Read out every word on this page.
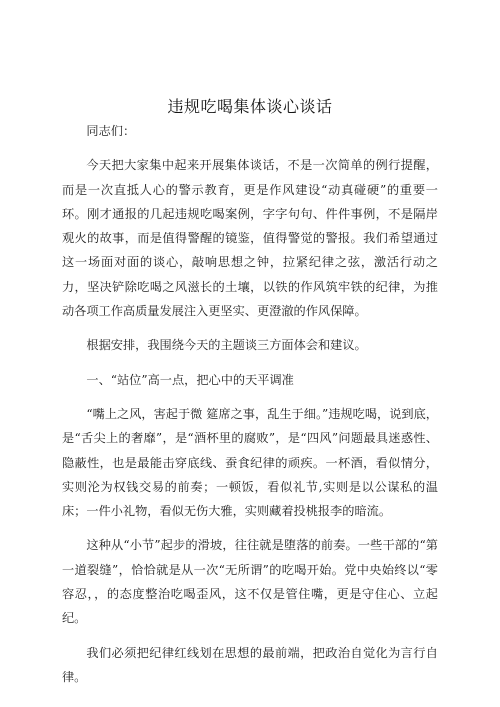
违规吃喝集体谈心谈话

同志们：

今天把大家集中起来开展集体谈话，不是一次简单的例行提醒，而是一次直抵人心的警示教育，更是作风建设“动真碰硬”的重要一环。刚才通报的几起违规吃喝案例，字字句句、件件事例，不是隔岸观火的故事，而是值得警醒的镜鉴，值得警觉的警报。我们希望通过这一场面对面的谈心，敲响思想之钟，拉紧纪律之弦，激活行动之力，坚决铲除吃喝之风滋长的土壤，以铁的作风筑牢铁的纪律，为推动各项工作高质量发展注入更坚实、更澄澈的作风保障。

根据安排，我围绕今天的主题谈三方面体会和建议。

一、“站位”高一点，把心中的天平调准

“嘴上之风，害起于微 筵席之事，乱生于细。”违规吃喝，说到底，是“舌尖上的奢靡”，是“酒杯里的腐败”，是“四风”问题最具迷惑性、隐蔽性，也是最能击穿底线、蚕食纪律的顽疾。一杯酒，看似情分，实则沦为权钱交易的前奏；一顿饭，看似礼节,实则是以公谋私的温床；一件小礼物，看似无伤大雅，实则藏着投桃报李的暗流。

这种从“小节”起步的滑坡，往往就是堕落的前奏。一些干部的“第一道裂缝”，恰恰就是从一次“无所谓”的吃喝开始。党中央始终以“零容忍，，的态度整治吃喝歪风，这不仅是管住嘴，更是守住心、立起纪。

我们必须把纪律红线划在思想的最前端，把政治自觉化为言行自律。
